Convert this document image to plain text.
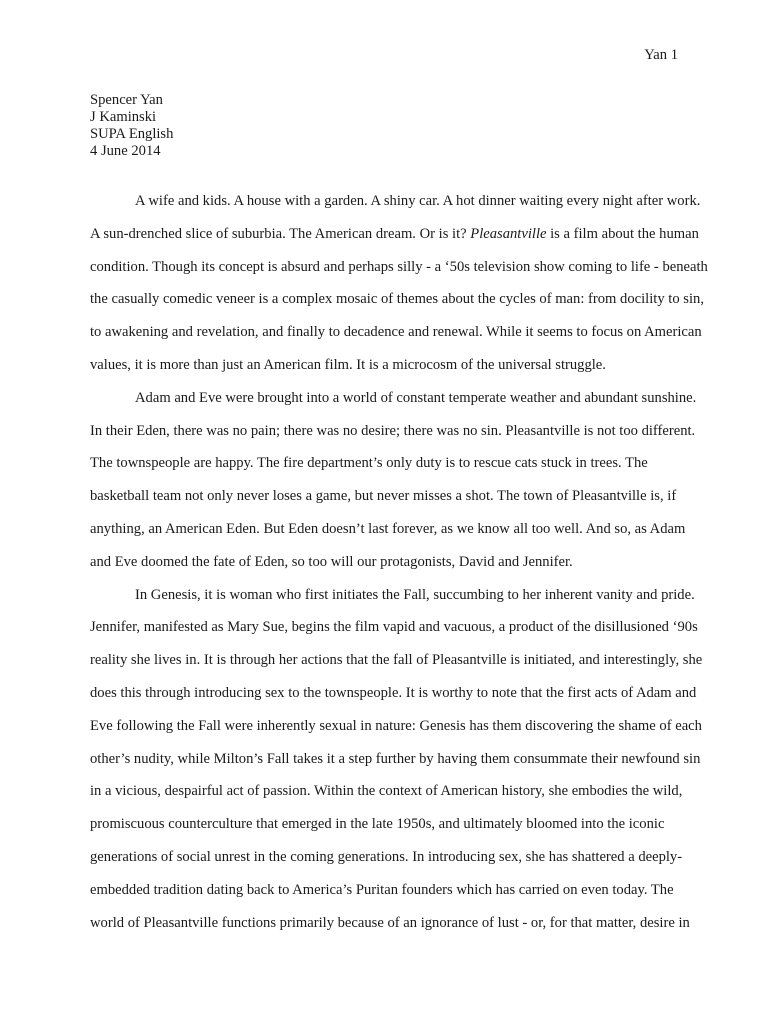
Yan 1
Spencer Yan
J Kaminski
SUPA English
4 June 2014
A wife and kids. A house with a garden. A shiny car. A hot dinner waiting every night after work.
A sun-drenched slice of suburbia. The American dream. Or is it? Pleasantville is a film about the human
condition. Though its concept is absurd and perhaps silly - a ‘50s television show coming to life - beneath
the casually comedic veneer is a complex mosaic of themes about the cycles of man: from docility to sin,
to awakening and revelation, and finally to decadence and renewal. While it seems to focus on American
values, it is more than just an American film. It is a microcosm of the universal struggle.
Adam and Eve were brought into a world of constant temperate weather and abundant sunshine.
In their Eden, there was no pain; there was no desire; there was no sin. Pleasantville is not too different.
The townspeople are happy. The fire department’s only duty is to rescue cats stuck in trees. The
basketball team not only never loses a game, but never misses a shot. The town of Pleasantville is, if
anything, an American Eden. But Eden doesn’t last forever, as we know all too well. And so, as Adam
and Eve doomed the fate of Eden, so too will our protagonists, David and Jennifer.
In Genesis, it is woman who first initiates the Fall, succumbing to her inherent vanity and pride.
Jennifer, manifested as Mary Sue, begins the film vapid and vacuous, a product of the disillusioned ‘90s
reality she lives in. It is through her actions that the fall of Pleasantville is initiated, and interestingly, she
does this through introducing sex to the townspeople. It is worthy to note that the first acts of Adam and
Eve following the Fall were inherently sexual in nature: Genesis has them discovering the shame of each
other’s nudity, while Milton’s Fall takes it a step further by having them consummate their newfound sin
in a vicious, despairful act of passion. Within the context of American history, she embodies the wild,
promiscuous counterculture that emerged in the late 1950s, and ultimately bloomed into the iconic
generations of social unrest in the coming generations. In introducing sex, she has shattered a deeply-
embedded tradition dating back to America’s Puritan founders which has carried on even today. The
world of Pleasantville functions primarily because of an ignorance of lust - or, for that matter, desire in
